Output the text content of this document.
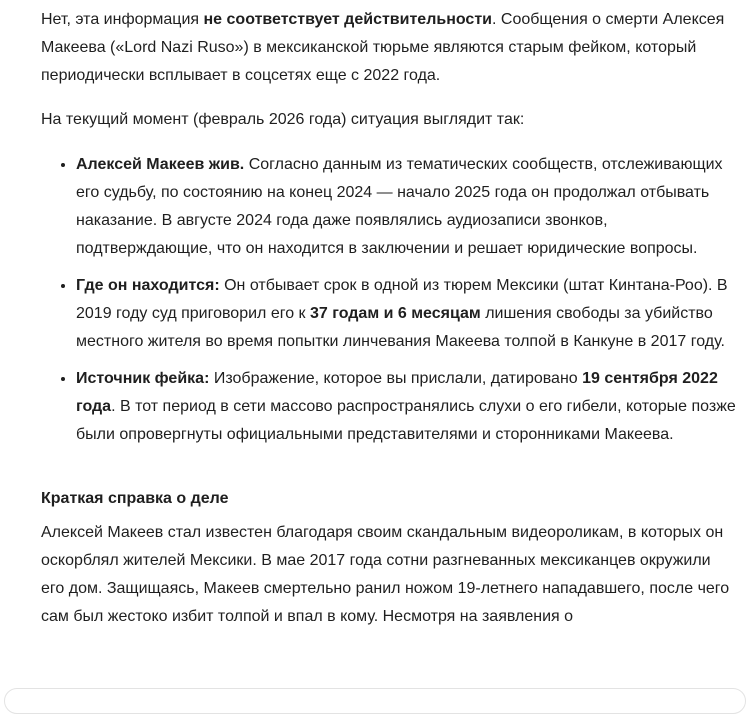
Нет, эта информация не соответствует действительности. Сообщения о смерти Алексея Макеева («Lord Nazi Ruso») в мексиканской тюрьме являются старым фейком, который периодически всплывает в соцсетях еще с 2022 года.

На текущий момент (февраль 2026 года) ситуация выглядит так:

• Алексей Макеев жив. Согласно данным из тематических сообществ, отслеживающих его судьбу, по состоянию на конец 2024 — начало 2025 года он продолжал отбывать наказание. В августе 2024 года даже появлялись аудиозаписи звонков, подтверждающие, что он находится в заключении и решает юридические вопросы.
• Где он находится: Он отбывает срок в одной из тюрем Мексики (штат Кинтана-Роо). В 2019 году суд приговорил его к 37 годам и 6 месяцам лишения свободы за убийство местного жителя во время попытки линчевания Макеева толпой в Канкуне в 2017 году.
• Источник фейка: Изображение, которое вы прислали, датировано 19 сентября 2022 года. В тот период в сети массово распространялись слухи о его гибели, которые позже были опровергнуты официальными представителями и сторонниками Макеева.
Краткая справка о деле

Алексей Макеев стал известен благодаря своим скандальным видеороликам, в которых он оскорблял жителей Мексики. В мае 2017 года сотни разгневанных мексиканцев окружили его дом. Защищаясь, Макеев смертельно ранил ножом 19-летнего нападавшего, после чего сам был жестоко избит толпой и впал в кому. Несмотря на заявления о
